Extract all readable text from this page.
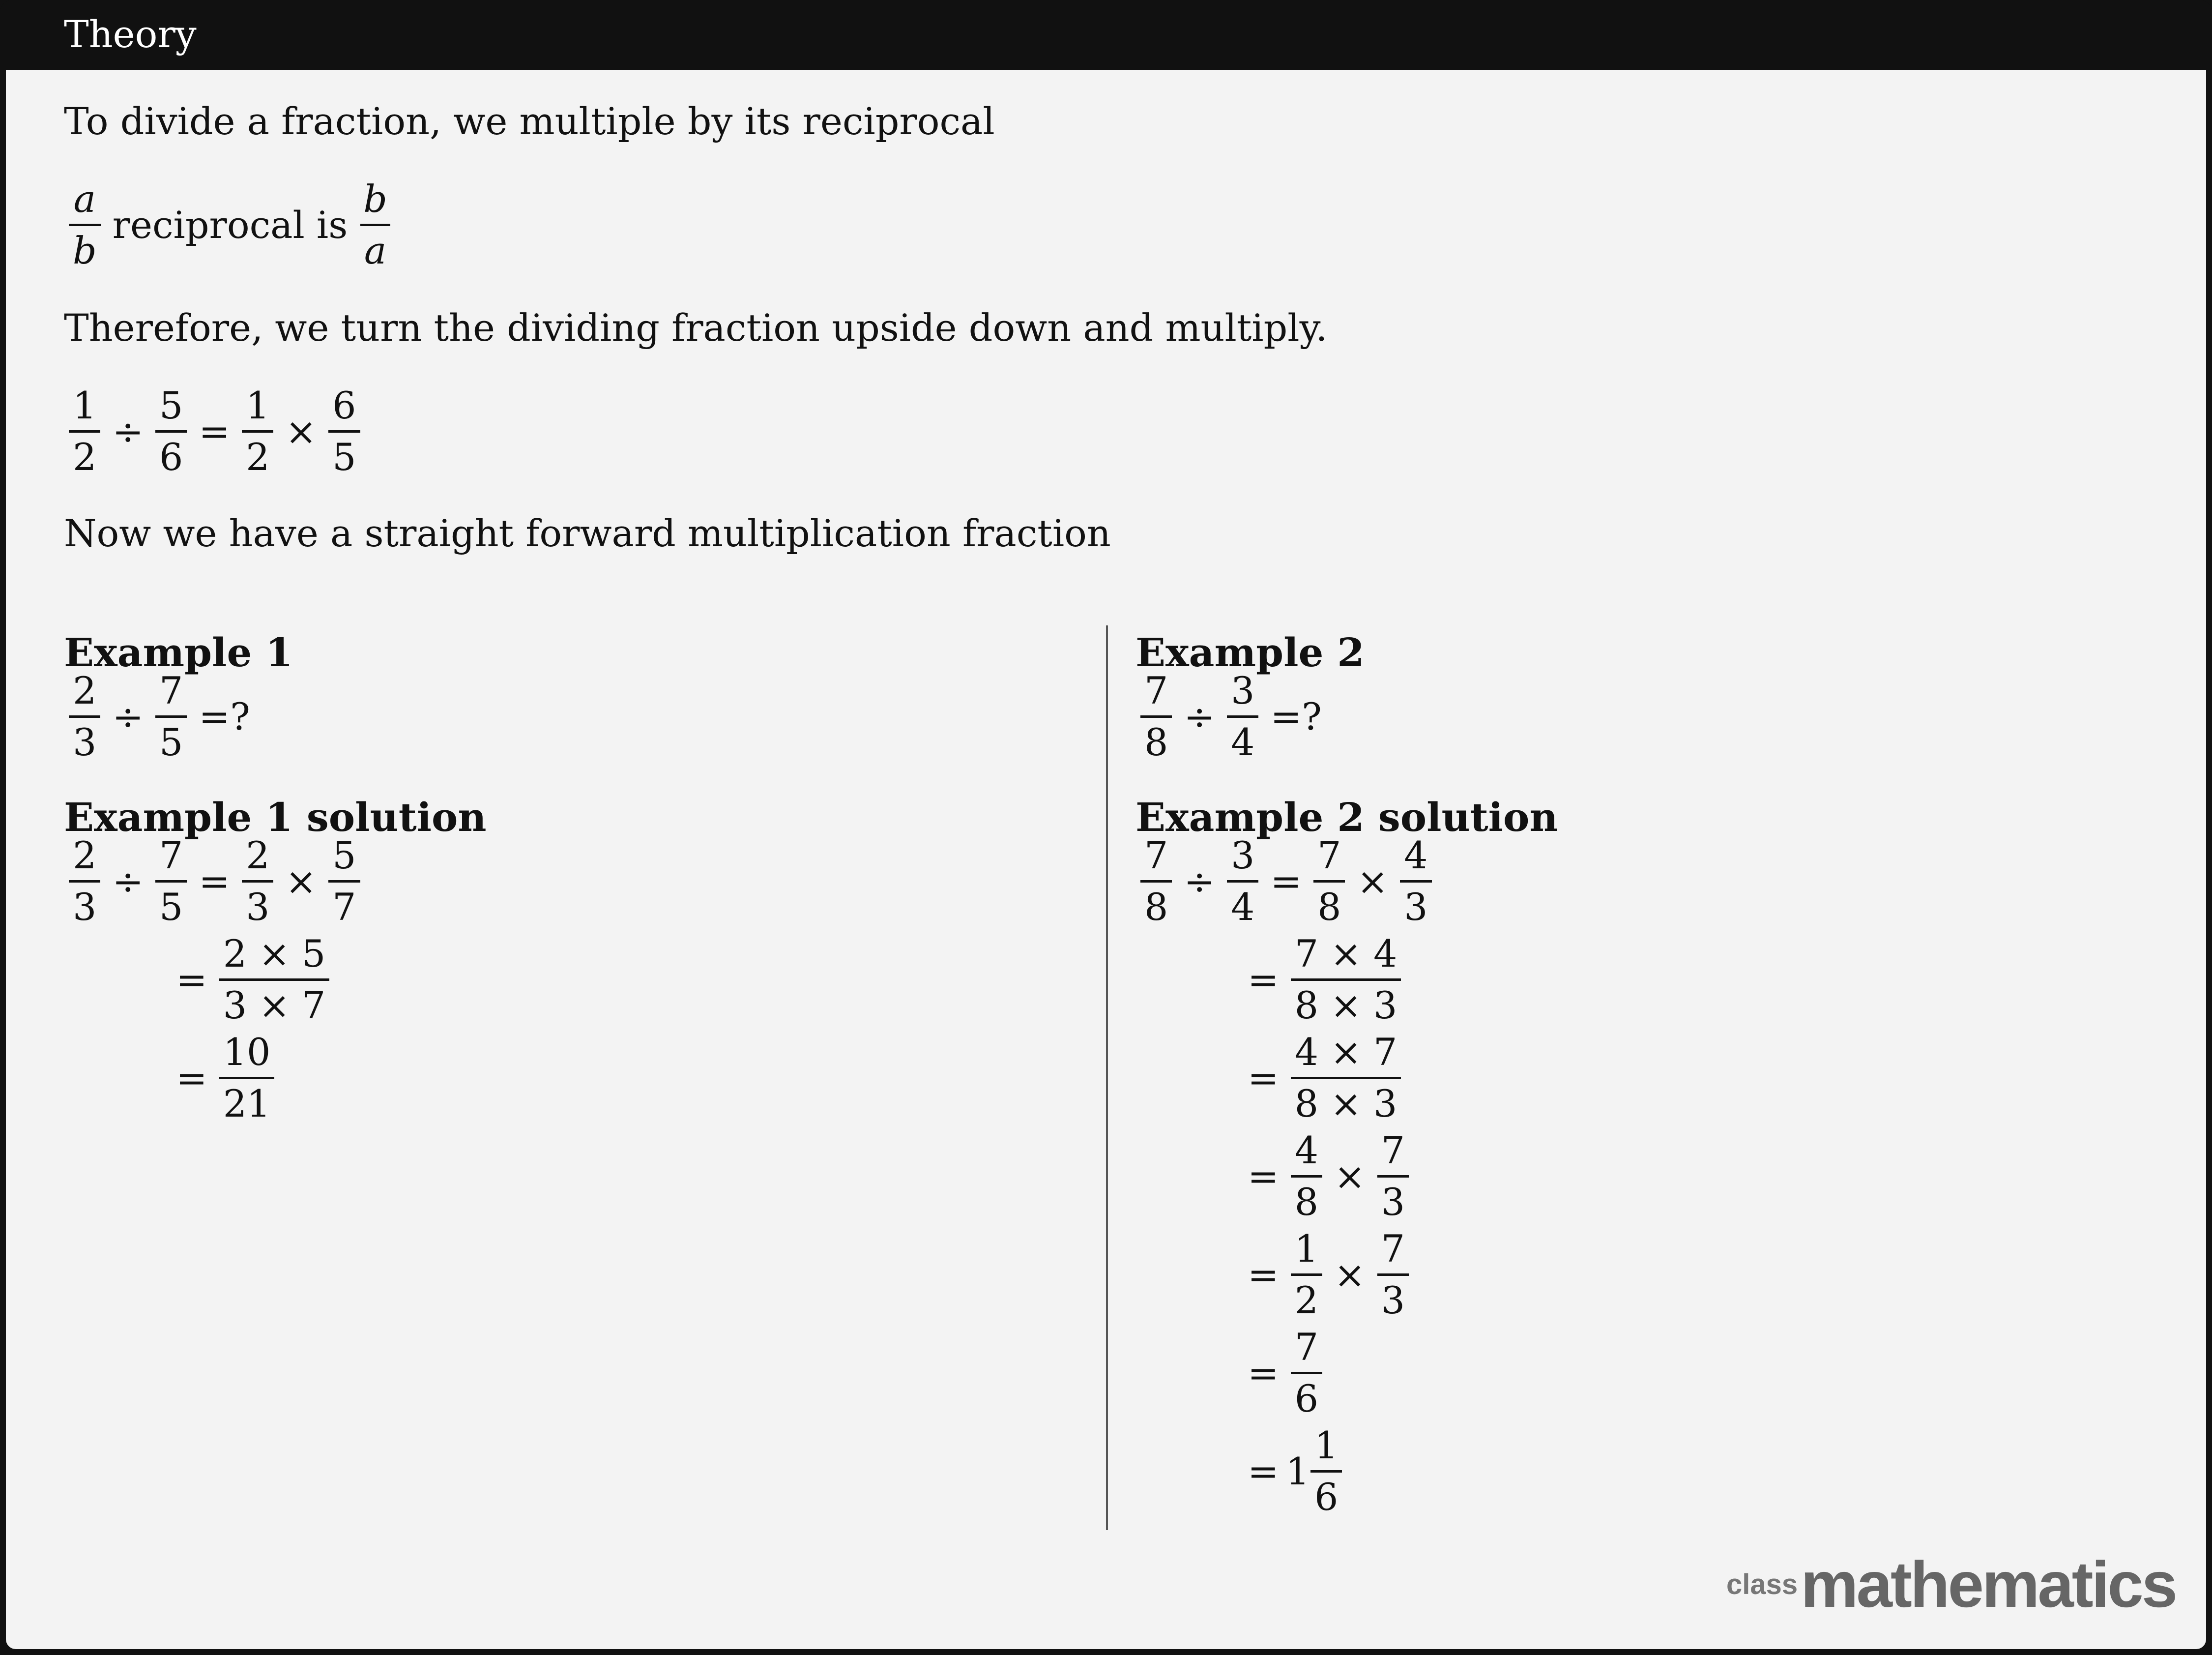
Theory
To divide a fraction, we multiple by its reciprocal
$\frac{a}{b}$ reciprocal is $\frac{b}{a}$
Therefore, we turn the dividing fraction upside down and multiply.
$\frac{1}{2} \div \frac{5}{6} = \frac{1}{2} \times \frac{6}{5}$
Now we have a straight forward multiplication fraction
Example 1
$\frac{2}{3} \div \frac{7}{5}$ =?
Example 1 solution
$\frac{2}{3} \div \frac{7}{5} = \frac{2}{3} \times \frac{5}{7}$
= $\frac{2 \times 5}{3 \times 7}$
= $\frac{10}{21}$
Example 2
$\frac{7}{8} \div \frac{3}{4}$ =?
Example 2 solution
$\frac{7}{8} \div \frac{3}{4} = \frac{7}{8} \times \frac{4}{3}$
= $\frac{7 \times 4}{8 \times 3}$
= $\frac{4 \times 7}{8 \times 3}$
= $\frac{4}{8} \times \frac{7}{3}$
= $\frac{1}{2} \times \frac{7}{3}$
= $\frac{7}{6}$
= $1 \frac{1}{6}$
class mathematics
